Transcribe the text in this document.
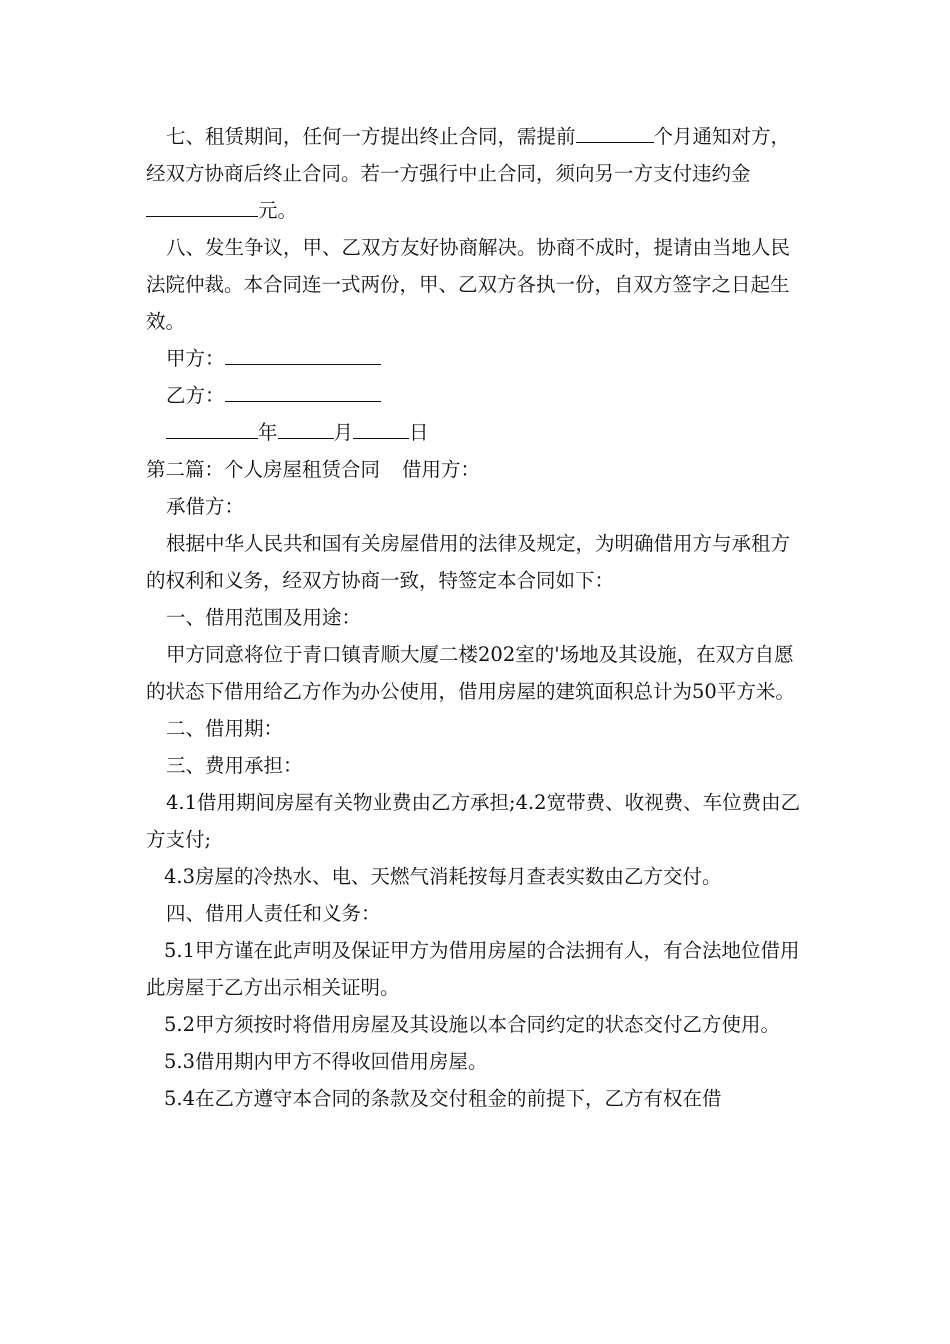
七、租赁期间，任何一方提出终止合同，需提前	个月通知对方，经双方协商后终止合同。若一方强行中止合同，须向另一方支付违约金元。

八、发生争议，甲、乙双方友好协商解决。协商不成时，提请由当地人民法院仲裁。本合同连一式两份，甲、乙双方各执一份，自双方签字之日起生效。

甲方：

乙方：

年	月	日

第二篇：个人房屋租赁合同 借用方：

承借方：

根据中华人民共和国有关房屋借用的法律及规定，为明确借用方与承租方的权利和义务，经双方协商一致，特签定本合同如下：

一、借用范围及用途：

甲方同意将位于青口镇青顺大厦二楼202室的'场地及其设施，在双方自愿的状态下借用给乙方作为办公使用，借用房屋的建筑面积总计为50平方米。

二、借用期：

三、费用承担：

4.1借用期间房屋有关物业费由乙方承担;4.2宽带费、收视费、车位费由乙方支付;

4.3房屋的冷热水、电、天燃气消耗按每月查表实数由乙方交付。

四、借用人责任和义务：

5.1甲方谨在此声明及保证甲方为借用房屋的合法拥有人，有合法地位借用此房屋于乙方出示相关证明。

5.2甲方须按时将借用房屋及其设施以本合同约定的状态交付乙方使用。

5.3借用期内甲方不得收回借用房屋。

5.4在乙方遵守本合同的条款及交付租金的前提下，乙方有权在借
